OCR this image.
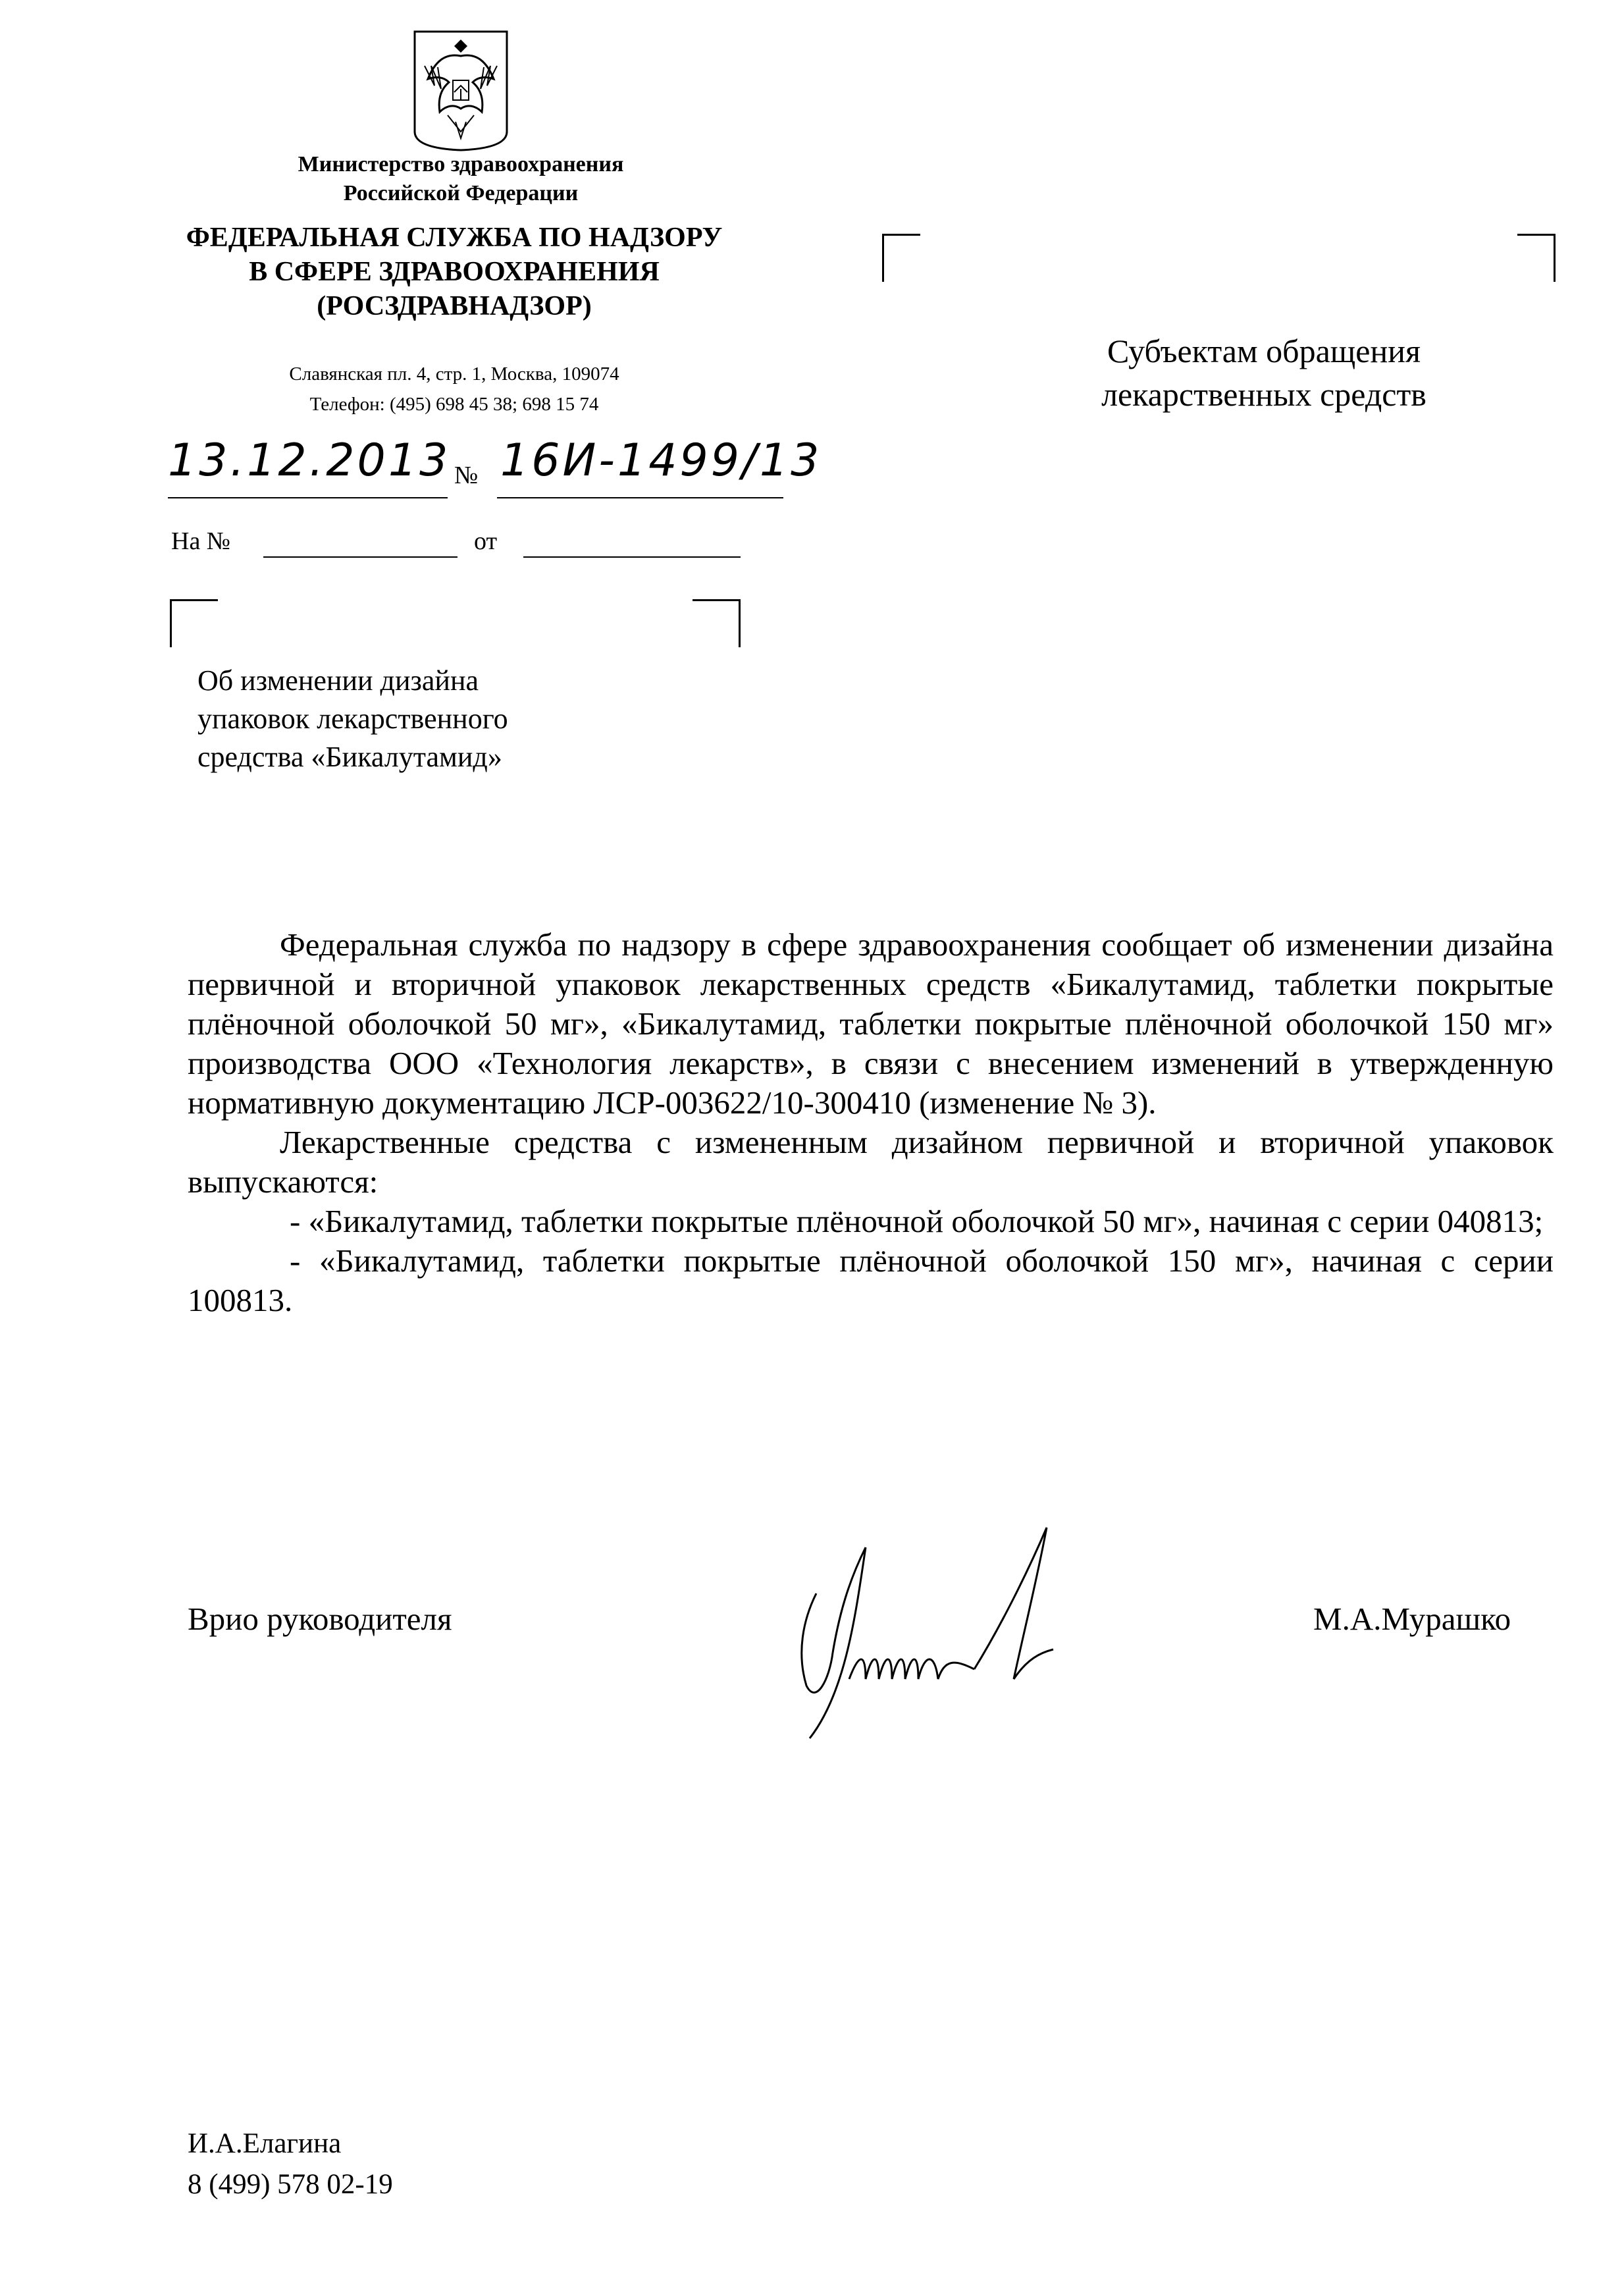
Министерство здравоохранения
Российской Федерации
ФЕДЕРАЛЬНАЯ СЛУЖБА ПО НАДЗОРУ
В СФЕРЕ ЗДРАВООХРАНЕНИЯ
(РОСЗДРАВНАДЗОР)
Славянская пл. 4, стр. 1, Москва, 109074
Телефон: (495) 698 45 38; 698 15 74
Субъектам обращения
лекарственных средств
13.12.2013 № 16И-1499/13
На №	от
Об изменении дизайна
упаковок лекарственного
средства «Бикалутамид»

Федеральная служба по надзору в сфере здравоохранения сообщает об изменении дизайна первичной и вторичной упаковок лекарственных средств «Бикалутамид, таблетки покрытые плёночной оболочкой 50 мг», «Бикалутамид, таблетки покрытые плёночной оболочкой 150 мг» производства ООО «Технология лекарств», в связи с внесением изменений в утвержденную нормативную документацию ЛСР-003622/10-300410 (изменение № 3).

Лекарственные средства с измененным дизайном первичной и вторичной упаковок выпускаются:

- «Бикалутамид, таблетки покрытые плёночной оболочкой 50 мг», начиная с серии 040813;

- «Бикалутамид, таблетки покрытые плёночной оболочкой 150 мг», начиная с серии 100813.

Врио руководителя	М.А.Мурашко
И.А.Елагина
8 (499) 578 02-19
